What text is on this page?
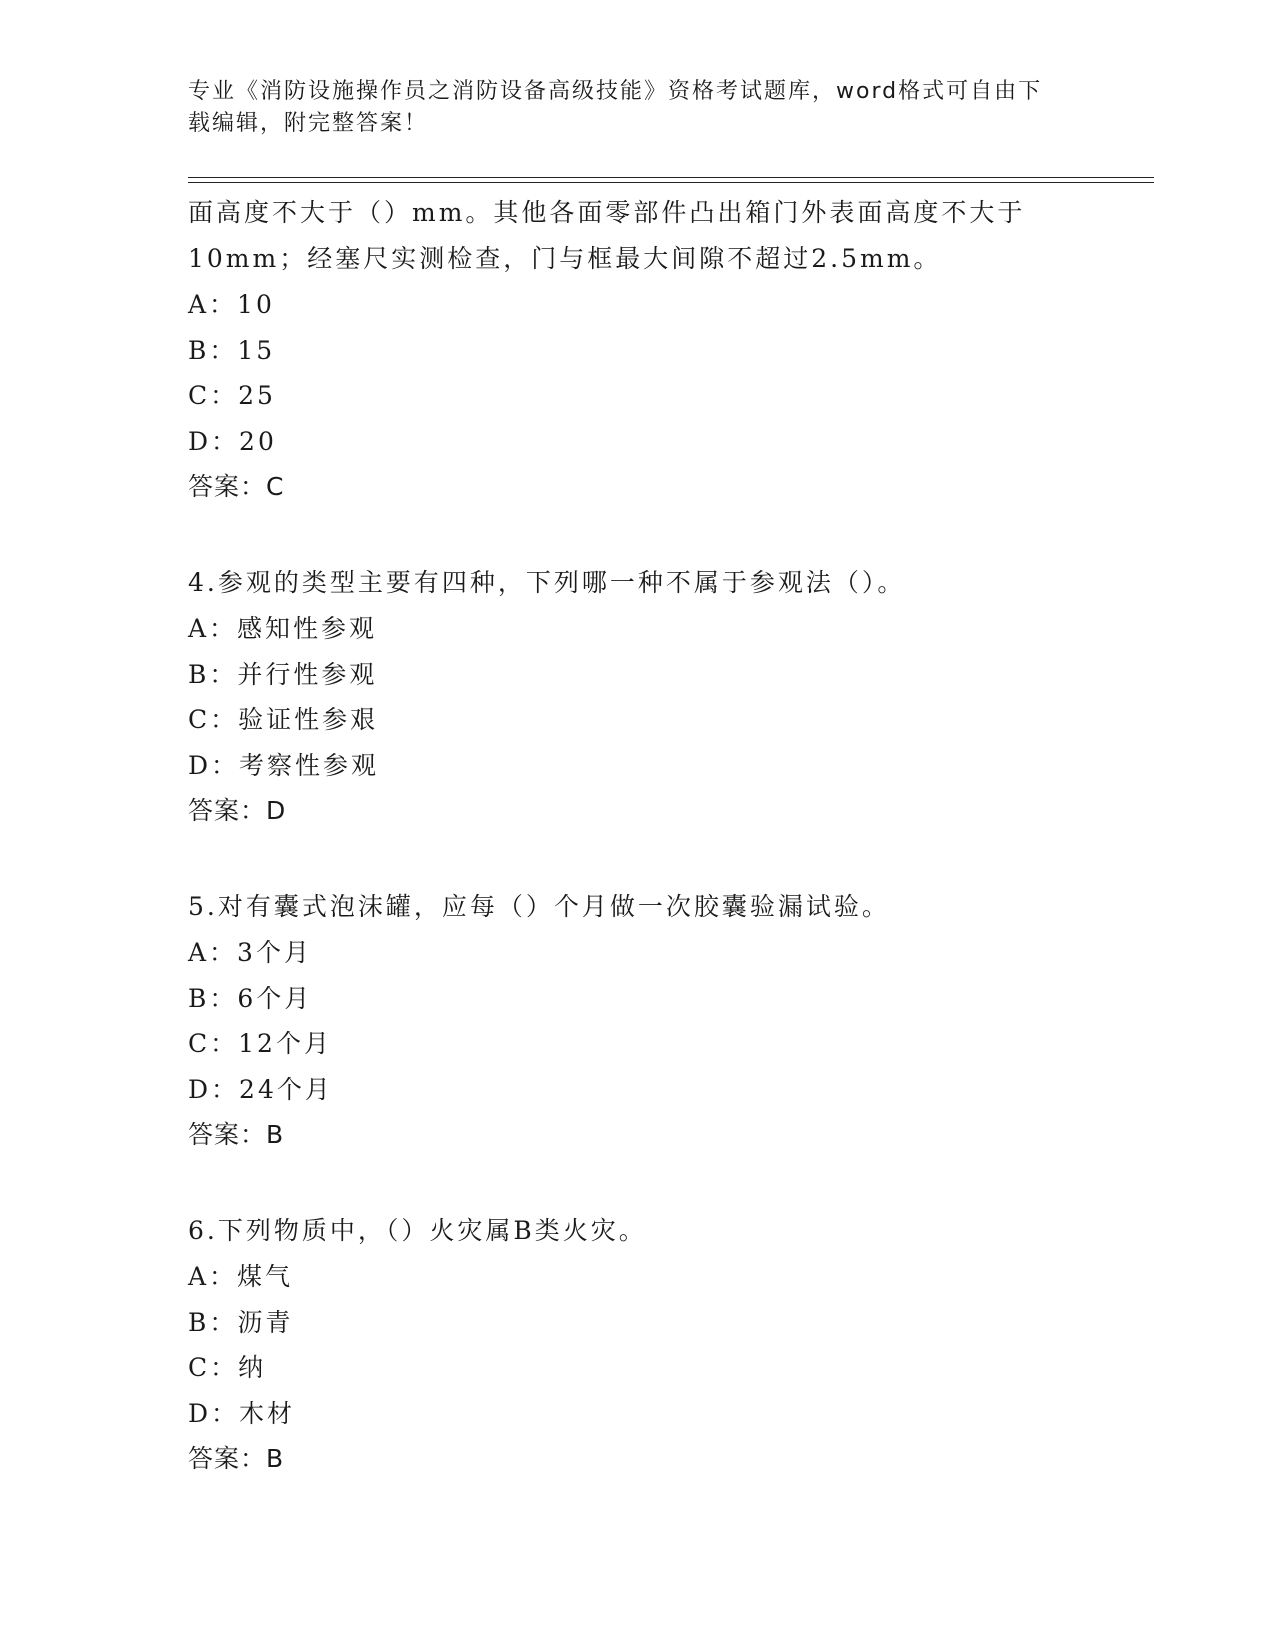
专业《消防设施操作员之消防设备高级技能》资格考试题库，word格式可自由下
载编辑，附完整答案！
面高度不大于（）mm。其他各面零部件凸出箱门外表面高度不大于
10mm；经塞尺实测检查，门与框最大间隙不超过2.5mm。
A：10
B：15
C：25
D：20
答案：C
4.参观的类型主要有四种，下列哪一种不属于参观法（）。
A：感知性参观
B：并行性参观
C：验证性参艰
D：考察性参观
答案：D
5.对有囊式泡沫罐，应每（）个月做一次胶囊验漏试验。
A：3个月
B：6个月
C：12个月
D：24个月
答案：B
6.下列物质中，（）火灾属B类火灾。
A：煤气
B：沥青
C：纳
D：木材
答案：B
